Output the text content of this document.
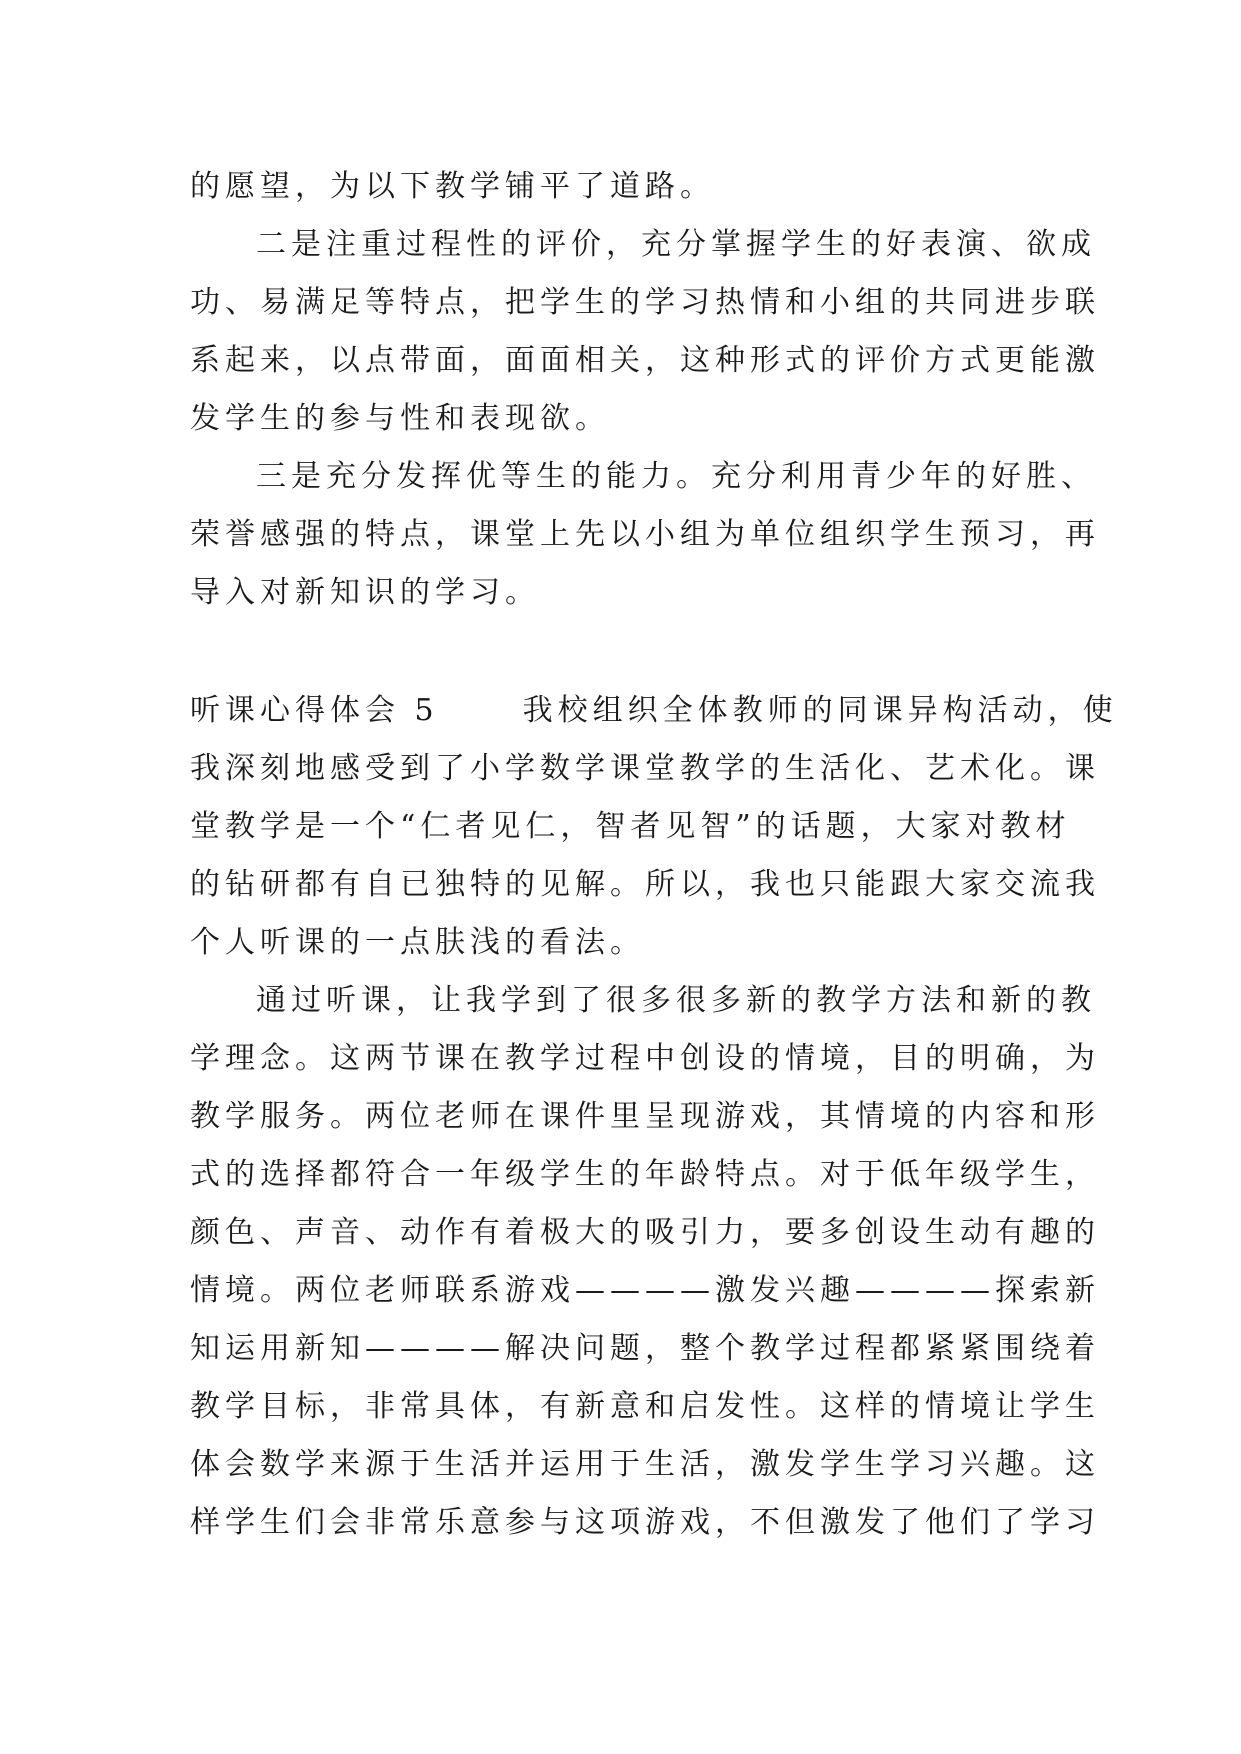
的愿望，为以下教学铺平了道路。
二是注重过程性的评价，充分掌握学生的好表演、欲成
功、易满足等特点，把学生的学习热情和小组的共同进步联
系起来，以点带面，面面相关，这种形式的评价方式更能激
发学生的参与性和表现欲。
三是充分发挥优等生的能力。充分利用青少年的好胜、
荣誉感强的特点，课堂上先以小组为单位组织学生预习，再
导入对新知识的学习。
听课心得体会 5	我校组织全体教师的同课异构活动，使
我深刻地感受到了小学数学课堂教学的生活化、艺术化。课
堂教学是一个“仁者见仁，智者见智”的话题，大家对教材
的钻研都有自已独特的见解。所以，我也只能跟大家交流我
个人听课的一点肤浅的看法。
通过听课，让我学到了很多很多新的教学方法和新的教
学理念。这两节课在教学过程中创设的情境，目的明确，为
教学服务。两位老师在课件里呈现游戏，其情境的内容和形
式的选择都符合一年级学生的年龄特点。对于低年级学生，
颜色、声音、动作有着极大的吸引力，要多创设生动有趣的
情境。两位老师联系游戏————激发兴趣————探索新
知运用新知————解决问题，整个教学过程都紧紧围绕着
教学目标，非常具体，有新意和启发性。这样的情境让学生
体会数学来源于生活并运用于生活，激发学生学习兴趣。这
样学生们会非常乐意参与这项游戏，不但激发了他们了学习
